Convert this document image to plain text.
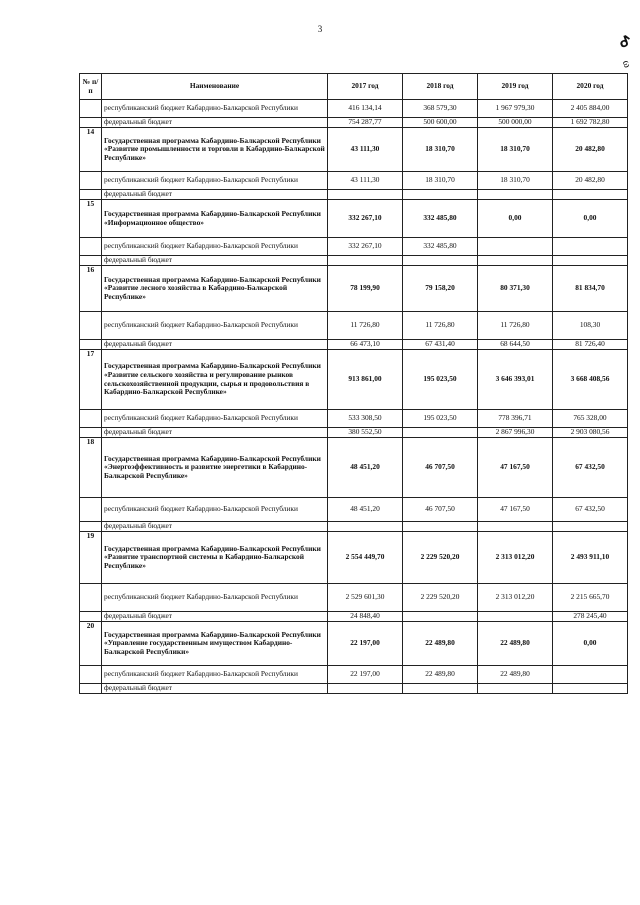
3
ᕷ
ω
№ п/п	Наименование	2017 год	2018 год	2019 год	2020 год
	республиканский бюджет Кабардино-Балкарской Республики	416 134,14	368 579,30	1 967 979,30	2 405 884,00
	федеральный бюджет	754 287,77	500 600,00	500 000,00	1 692 782,80
14	Государственная программа Кабардино-Балкарской Республики «Развитие промышленности и торговли в Кабардино-Балкарской Республике»	43 111,30	18 310,70	18 310,70	20 482,80
	республиканский бюджет Кабардино-Балкарской Республики	43 111,30	18 310,70	18 310,70	20 482,80
	федеральный бюджет				
15	Государственная программа Кабардино-Балкарской Республики «Информационное общество»	332 267,10	332 485,80	0,00	0,00
	республиканский бюджет Кабардино-Балкарской Республики	332 267,10	332 485,80		
	федеральный бюджет				
16	Государственная программа Кабардино-Балкарской Республики «Развитие лесного хозяйства в Кабардино-Балкарской Республике»	78 199,90	79 158,20	80 371,30	81 834,70
	республиканский бюджет Кабардино-Балкарской Республики	11 726,80	11 726,80	11 726,80	108,30
	федеральный бюджет	66 473,10	67 431,40	68 644,50	81 726,40
17	Государственная программа Кабардино-Балкарской Республики «Развитие сельского хозяйства и регулирование рынков сельскохозяйственной продукции, сырья и продовольствия в Кабардино-Балкарской Республике»	913 861,00	195 023,50	3 646 393,01	3 668 408,56
	республиканский бюджет Кабардино-Балкарской Республики	533 308,50	195 023,50	778 396,71	765 328,00
	федеральный бюджет	380 552,50		2 867 996,30	2 903 080,56
18	Государственная программа Кабардино-Балкарской Республики «Энергоэффективность и развитие энергетики в Кабардино-Балкарской Республике»	48 451,20	46 707,50	47 167,50	67 432,50
	республиканский бюджет Кабардино-Балкарской Республики	48 451,20	46 707,50	47 167,50	67 432,50
	федеральный бюджет				
19	Государственная программа Кабардино-Балкарской Республики «Развитие транспортной системы в Кабардино-Балкарской Республике»	2 554 449,70	2 229 520,20	2 313 012,20	2 493 911,10
	республиканский бюджет Кабардино-Балкарской Республики	2 529 601,30	2 229 520,20	2 313 012,20	2 215 665,70
	федеральный бюджет	24 848,40			278 245,40
20	Государственная программа Кабардино-Балкарской Республики «Управление государственным имуществом Кабардино-Балкарской Республики»	22 197,00	22 489,80	22 489,80	0,00
	республиканский бюджет Кабардино-Балкарской Республики	22 197,00	22 489,80	22 489,80	
	федеральный бюджет				
